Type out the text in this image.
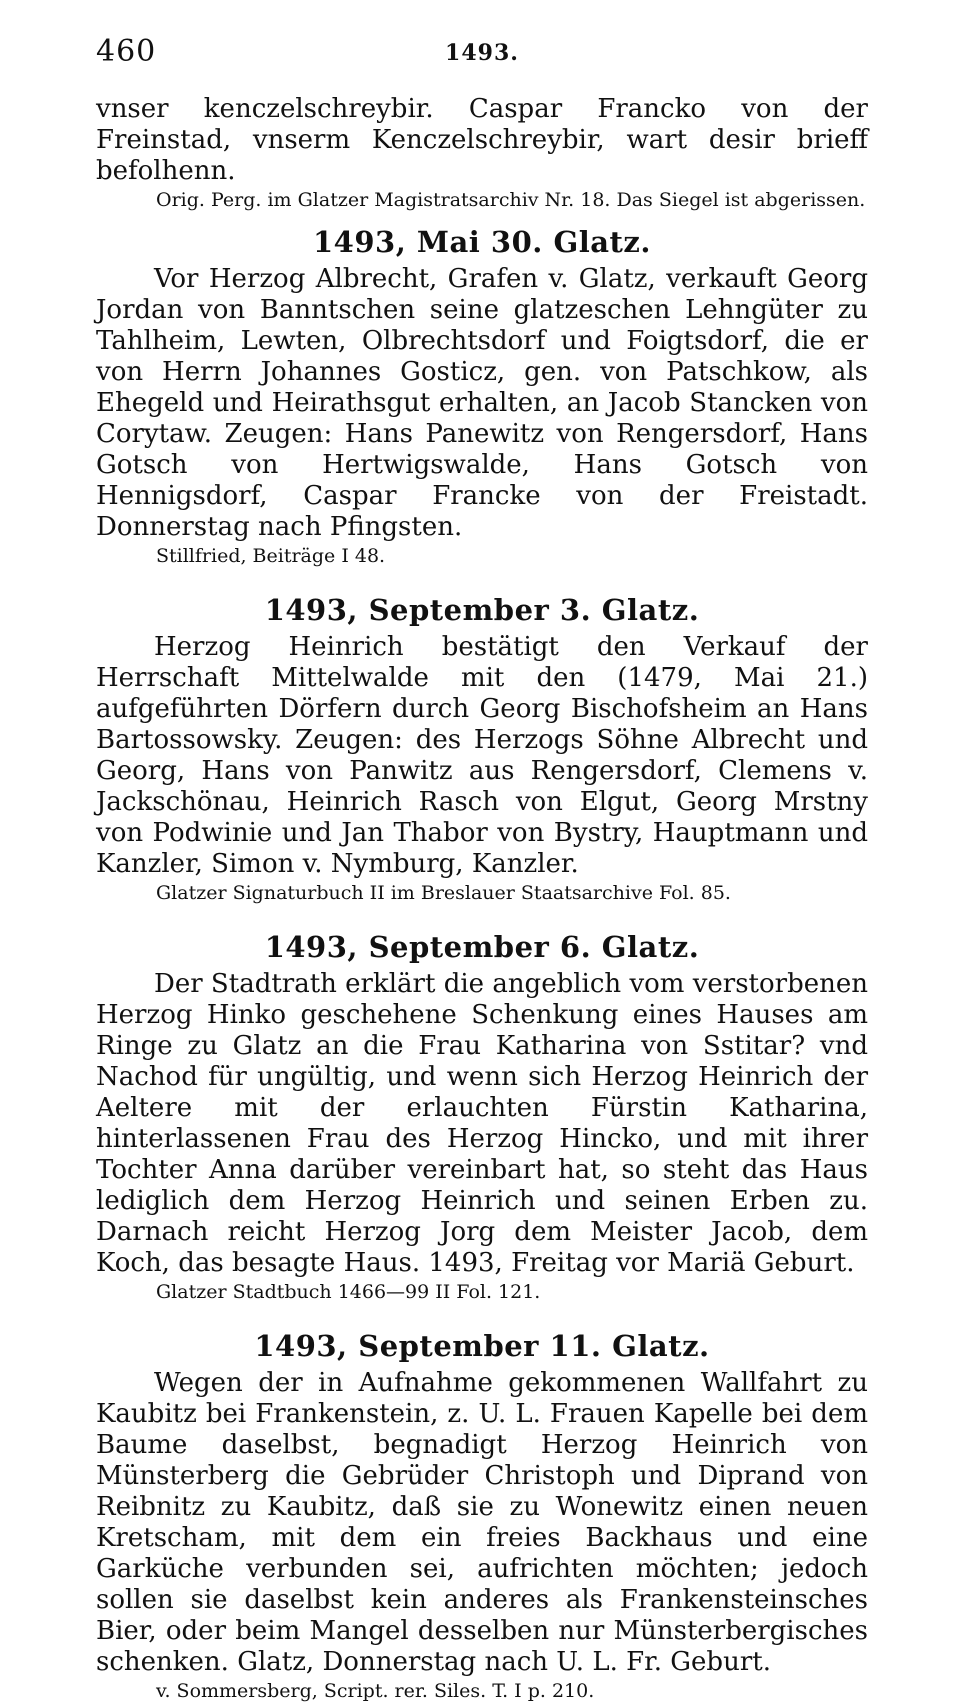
460	1493.

vnser kenczelschreybir. Caspar Francko von der Freinstad, vnserm Kenczelschreybir, wart desir brieff befolhenn.

Orig. Perg. im Glatzer Magistratsarchiv Nr. 18. Das Siegel ist abgerissen.

1493, Mai 30. Glatz.

Vor Herzog Albrecht, Grafen v. Glatz, verkauft Georg Jordan von Banntschen seine glatzeschen Lehngüter zu Tahlheim, Lewten, Olbrechtsdorf und Foigtsdorf, die er von Herrn Johannes Gosticz, gen. von Patschkow, als Ehegeld und Heirathsgut erhalten, an Jacob Stancken von Corytaw. Zeugen: Hans Panewitz von Rengersdorf, Hans Gotsch von Hertwigswalde, Hans Gotsch von Hennigsdorf, Caspar Francke von der Freistadt. Donnerstag nach Pfingsten.

Stillfried, Beiträge I 48.

1493, September 3. Glatz.

Herzog Heinrich bestätigt den Verkauf der Herrschaft Mittelwalde mit den (1479, Mai 21.) aufgeführten Dörfern durch Georg Bischofsheim an Hans Bartossowsky. Zeugen: des Herzogs Söhne Albrecht und Georg, Hans von Panwitz aus Rengersdorf, Clemens v. Jackschönau, Heinrich Rasch von Elgut, Georg Mrstny von Podwinie und Jan Thabor von Bystry, Hauptmann und Kanzler, Simon v. Nymburg, Kanzler.

Glatzer Signaturbuch II im Breslauer Staatsarchive Fol. 85.

1493, September 6. Glatz.

Der Stadtrath erklärt die angeblich vom verstorbenen Herzog Hinko geschehene Schenkung eines Hauses am Ringe zu Glatz an die Frau Katharina von Sstitar? vnd Nachod für ungültig, und wenn sich Herzog Heinrich der Aeltere mit der erlauchten Fürstin Katharina, hinterlassenen Frau des Herzog Hincko, und mit ihrer Tochter Anna darüber vereinbart hat, so steht das Haus lediglich dem Herzog Heinrich und seinen Erben zu. Darnach reicht Herzog Jorg dem Meister Jacob, dem Koch, das besagte Haus. 1493, Freitag vor Mariä Geburt.

Glatzer Stadtbuch 1466—99 II Fol. 121.

1493, September 11. Glatz.

Wegen der in Aufnahme gekommenen Wallfahrt zu Kaubitz bei Frankenstein, z. U. L. Frauen Kapelle bei dem Baume daselbst, begnadigt Herzog Heinrich von Münsterberg die Gebrüder Christoph und Diprand von Reibnitz zu Kaubitz, daß sie zu Wonewitz einen neuen Kretscham, mit dem ein freies Backhaus und eine Garküche verbunden sei, aufrichten möchten; jedoch sollen sie daselbst kein anderes als Frankensteinsches Bier, oder beim Mangel desselben nur Münsterbergisches schenken. Glatz, Donnerstag nach U. L. Fr. Geburt.

v. Sommersberg, Script. rer. Siles. T. I p. 210.
